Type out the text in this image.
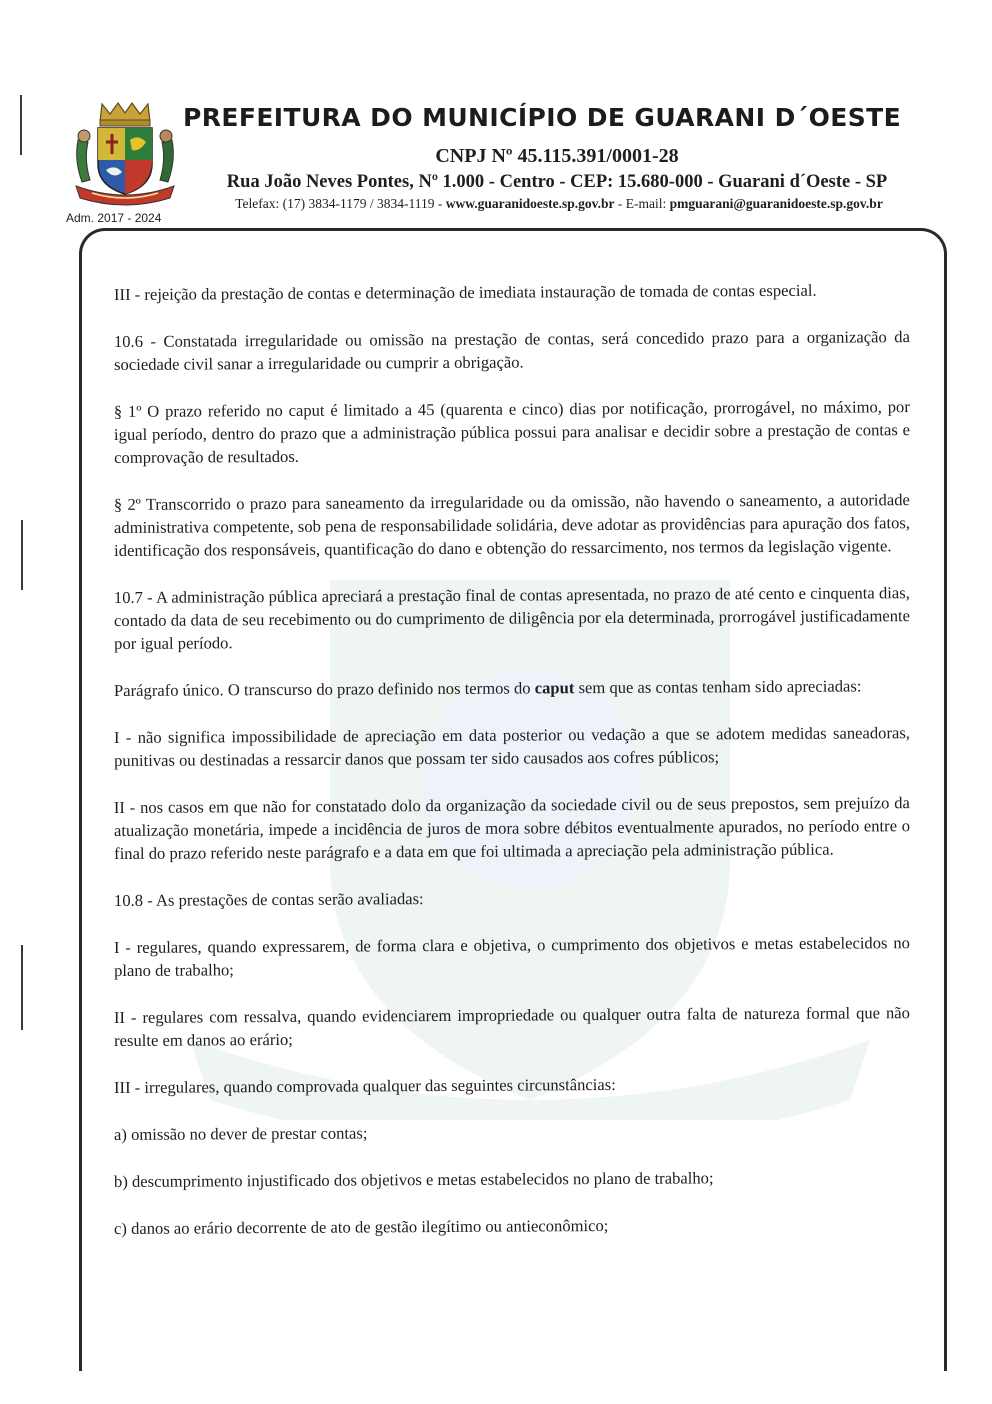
Adm. 2017 - 2024
PREFEITURA DO MUNICÍPIO DE GUARANI D´OESTE
CNPJ Nº 45.115.391/0001-28
Rua João Neves Pontes, Nº 1.000 - Centro - CEP: 15.680-000 - Guarani d´Oeste - SP
Telefax: (17) 3834-1179 / 3834-1119 - www.guaranidoeste.sp.gov.br - E-mail: pmguarani@guaranidoeste.sp.gov.br

III - rejeição da prestação de contas e determinação de imediata instauração de tomada de contas especial.

10.6 - Constatada irregularidade ou omissão na prestação de contas, será concedido prazo para a organização da sociedade civil sanar a irregularidade ou cumprir a obrigação.

§ 1º O prazo referido no caput é limitado a 45 (quarenta e cinco) dias por notificação, prorrogável, no máximo, por igual período, dentro do prazo que a administração pública possui para analisar e decidir sobre a prestação de contas e comprovação de resultados.

§ 2º Transcorrido o prazo para saneamento da irregularidade ou da omissão, não havendo o saneamento, a autoridade administrativa competente, sob pena de responsabilidade solidária, deve adotar as providências para apuração dos fatos, identificação dos responsáveis, quantificação do dano e obtenção do ressarcimento, nos termos da legislação vigente.

10.7 - A administração pública apreciará a prestação final de contas apresentada, no prazo de até cento e cinquenta dias, contado da data de seu recebimento ou do cumprimento de diligência por ela determinada, prorrogável justificadamente por igual período.

Parágrafo único. O transcurso do prazo definido nos termos do caput sem que as contas tenham sido apreciadas:

I - não significa impossibilidade de apreciação em data posterior ou vedação a que se adotem medidas saneadoras, punitivas ou destinadas a ressarcir danos que possam ter sido causados aos cofres públicos;

II - nos casos em que não for constatado dolo da organização da sociedade civil ou de seus prepostos, sem prejuízo da atualização monetária, impede a incidência de juros de mora sobre débitos eventualmente apurados, no período entre o final do prazo referido neste parágrafo e a data em que foi ultimada a apreciação pela administração pública.

10.8 - As prestações de contas serão avaliadas:

I - regulares, quando expressarem, de forma clara e objetiva, o cumprimento dos objetivos e metas estabelecidos no plano de trabalho;

II - regulares com ressalva, quando evidenciarem impropriedade ou qualquer outra falta de natureza formal que não resulte em danos ao erário;

III - irregulares, quando comprovada qualquer das seguintes circunstâncias:

a) omissão no dever de prestar contas;

b) descumprimento injustificado dos objetivos e metas estabelecidos no plano de trabalho;

c) danos ao erário decorrente de ato de gestão ilegítimo ou antieconômico;
